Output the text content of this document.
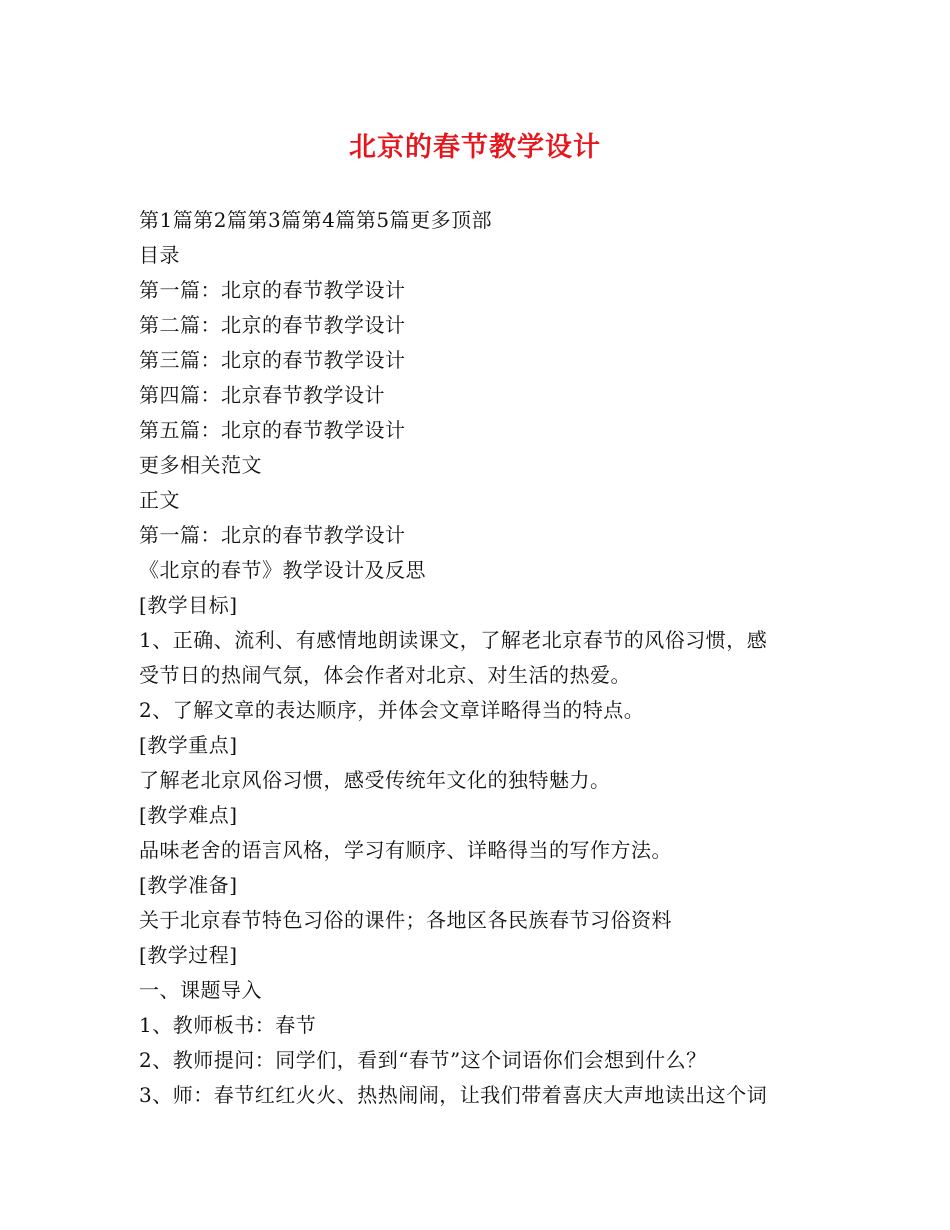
北京的春节教学设计
第1篇第2篇第3篇第4篇第5篇更多顶部
目录
第一篇：北京的春节教学设计
第二篇：北京的春节教学设计
第三篇：北京的春节教学设计
第四篇：北京春节教学设计
第五篇：北京的春节教学设计
更多相关范文
正文
第一篇：北京的春节教学设计
《北京的春节》教学设计及反思
[教学目标]
1、正确、流利、有感情地朗读课文，了解老北京春节的风俗习惯，感
受节日的热闹气氛，体会作者对北京、对生活的热爱。
2、了解文章的表达顺序，并体会文章详略得当的特点。
[教学重点]
了解老北京风俗习惯，感受传统年文化的独特魅力。
[教学难点]
品味老舍的语言风格，学习有顺序、详略得当的写作方法。
[教学准备]
关于北京春节特色习俗的课件；各地区各民族春节习俗资料
[教学过程]
一、课题导入
1、教师板书：春节
2、教师提问：同学们，看到“春节”这个词语你们会想到什么？
3、师：春节红红火火、热热闹闹，让我们带着喜庆大声地读出这个词
